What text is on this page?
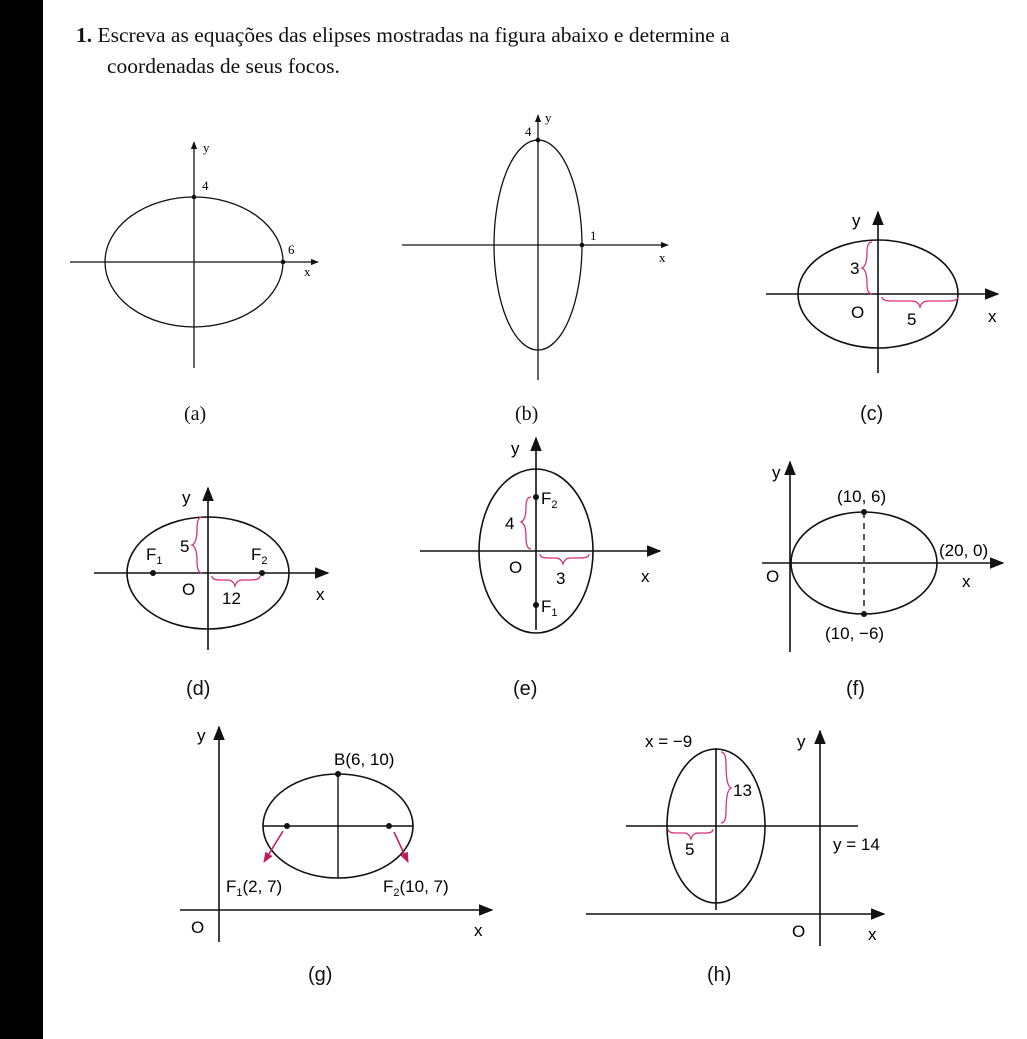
1. Escreva as equações das elipses mostradas na figura abaixo e determine a
coordenadas de seus focos.
y
x
4
6
(a)
y
x
4
1
(b)
y
x
O
3
5
(c)
y
x
O
5
12
$F_1$	$F_2$
(d)
y
x
O
4
3
$F_2$
$F_1$
(e)
y
x
O
(10, 6)
(20, 0)
(10, −6)
(f)
y
x
O
B(6, 10)
$F_1(2$, 7)	$F_2(10$, 7)
(g)
y
x
O
x = −9
y = 14
13
5
(h)
